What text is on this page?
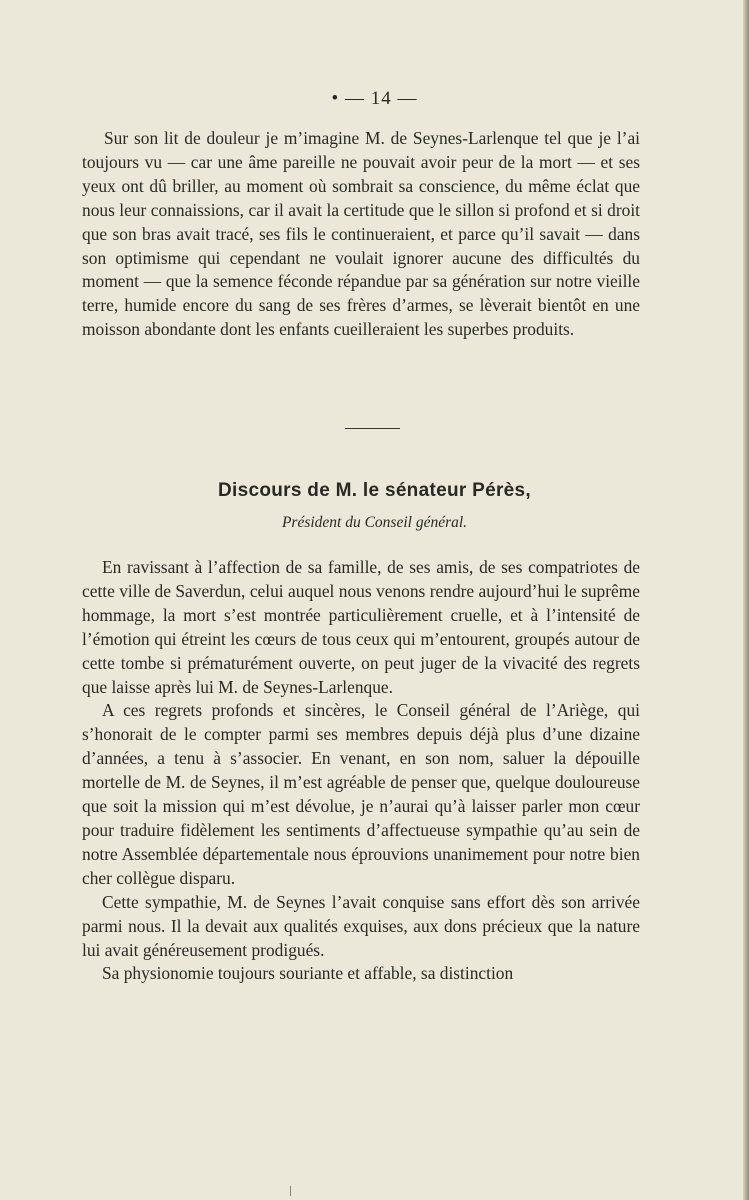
• — 14 —

Sur son lit de douleur je m’imagine M. de Seynes-Larlenque tel que je l’ai toujours vu — car une âme pareille ne pouvait avoir peur de la mort — et ses yeux ont dû briller, au moment où sombrait sa conscience, du même éclat que nous leur connaissions, car il avait la certitude que le sillon si profond et si droit que son bras avait tracé, ses fils le continueraient, et parce qu’il savait — dans son optimisme qui cependant ne voulait ignorer aucune des difficultés du moment — que la semence féconde répandue par sa génération sur notre vieille terre, humide encore du sang de ses frères d’armes, se lèverait bientôt en une moisson abondante dont les enfants cueilleraient les superbes produits.

Discours de M. le sénateur Pérès,
Président du Conseil général.

En ravissant à l’affection de sa famille, de ses amis, de ses compatriotes de cette ville de Saverdun, celui auquel nous venons rendre aujourd’hui le suprême hommage, la mort s’est montrée particulièrement cruelle, et à l’intensité de l’émotion qui étreint les cœurs de tous ceux qui m’entourent, groupés autour de cette tombe si prématurément ouverte, on peut juger de la vivacité des regrets que laisse après lui M. de Seynes-Larlenque.

A ces regrets profonds et sincères, le Conseil général de l’Ariège, qui s’honorait de le compter parmi ses membres depuis déjà plus d’une dizaine d’années, a tenu à s’associer. En venant, en son nom, saluer la dépouille mortelle de M. de Seynes, il m’est agréable de penser que, quelque douloureuse que soit la mission qui m’est dévolue, je n’aurai qu’à laisser parler mon cœur pour traduire fidèlement les sentiments d’affectueuse sympathie qu’au sein de notre Assemblée départementale nous éprouvions unanimement pour notre bien cher collègue disparu.

Cette sympathie, M. de Seynes l’avait conquise sans effort dès son arrivée parmi nous. Il la devait aux qualités exquises, aux dons précieux que la nature lui avait généreusement prodigués.

Sa physionomie toujours souriante et affable, sa distinction
